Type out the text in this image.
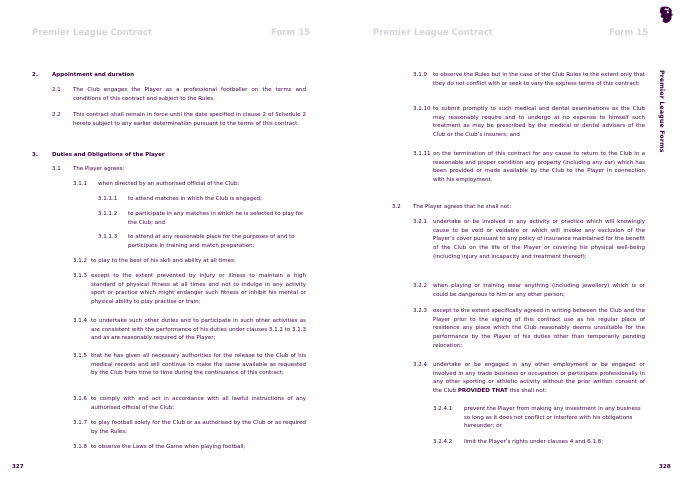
Premier League Contract	Form 15
2.	Appointment and duration
2.1 The Club engages the Player as a professional footballer on the terms and conditions of this contract and subject to the Rules.
2.2 This contract shall remain in force until the date specified in clause 2 of Schedule 2 hereto subject to any earlier determination pursuant to the terms of this contract.
3.	Duties and Obligations of the Player
3.1 The Player agrees:
3.1.1 when directed by an authorised official of the Club:
3.1.1.1 to attend matches in which the Club is engaged;
3.1.1.2 to participate in any matches in which he is selected to play for the Club; and
3.1.1.3 to attend at any reasonable place for the purposes of and to participate in training and match preparation;
3.1.2 to play to the best of his skill and ability at all times;
3.1.3 except to the extent prevented by injury or illness to maintain a high standard of physical fitness at all times and not to indulge in any activity sport or practice which might endanger such fitness or inhibit his mental or physical ability to play practise or train;
3.1.4 to undertake such other duties and to participate in such other activities as are consistent with the performance of his duties under clauses 3.1.1 to 3.1.3 and as are reasonably required of the Player;
3.1.5 that he has given all necessary authorities for the release to the Club of his medical records and will continue to make the same available as requested by the Club from time to time during the continuance of this contract;
3.1.6 to comply with and act in accordance with all lawful instructions of any authorised official of the Club;
3.1.7 to play football solely for the Club or as authorised by the Club or as required by the Rules;
3.1.8 to observe the Laws of the Game when playing football;
327
Premier League Contract	Form 15
Premier League Forms
3.1.9 to observe the Rules but in the case of the Club Rules to the extent only that they do not conflict with or seek to vary the express terms of this contract;
3.1.10 to submit promptly to such medical and dental examinations as the Club may reasonably require and to undergo at no expense to himself such treatment as may be prescribed by the medical or dental advisers of the Club or the Club’s insurers; and
3.1.11 on the termination of this contract for any cause to return to the Club in a reasonable and proper condition any property (including any car) which has been provided or made available by the Club to the Player in connection with his employment.
3.2 The Player agrees that he shall not:
3.2.1 undertake or be involved in any activity or practice which will knowingly cause to be void or voidable or which will invoke any exclusion of the Player’s cover pursuant to any policy of insurance maintained for the benefit of the Club on the life of the Player or covering his physical well-being (including injury and incapacity and treatment thereof);
3.2.2 when playing or training wear anything (including jewellery) which is or could be dangerous to him or any other person;
3.2.3 except to the extent specifically agreed in writing between the Club and the Player prior to the signing of this contract use as his regular place of residence any place which the Club reasonably deems unsuitable for the performance by the Player of his duties other than temporarily pending relocation;
3.2.4 undertake or be engaged in any other employment or be engaged or involved in any trade business or occupation or participate professionally in any other sporting or athletic activity without the prior written consent of the Club PROVIDED THAT this shall not:
3.2.4.1 prevent the Player from making any investment in any business so long as it does not conflict or interfere with his obligations hereunder; or
3.2.4.2 limit the Player’s rights under clauses 4 and 6.1.8;
328
